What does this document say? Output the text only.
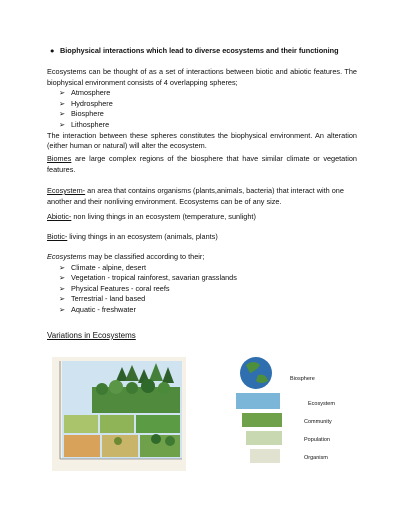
● Biophysical interactions which lead to diverse ecosystems and their functioning
Ecosystems can be thought of as a set of interactions between biotic and abiotic features. The biophysical environment consists of 4 overlapping spheres;
➢ Atmosphere
➢ Hydrosphere
➢ Biosphere
➢ Lithosphere
The interaction between these spheres constitutes the biophysical environment. An alteration (either human or natural) will alter the ecosystem.
Biomes are large complex regions of the biosphere that have similar climate or vegetation features.
Ecosystem- an area that contains organisms (plants,animals, bacteria) that interact with one another and their nonliving environment. Ecosystems can be of any size.
Abiotic- non living things in an ecosystem (temperature, sunlight)
Biotic- living things in an ecosystem (animals, plants)
Ecosystems may be classified according to their;
➢ Climate - alpine, desert
➢ Vegetation - tropical rainforest, savarian grasslands
➢ Physical Features - coral reefs
➢ Terrestrial - land based
➢ Aquatic - freshwater
Variations in Ecosystems
Biosphere
Ecosystem
Community
Population
Organism
